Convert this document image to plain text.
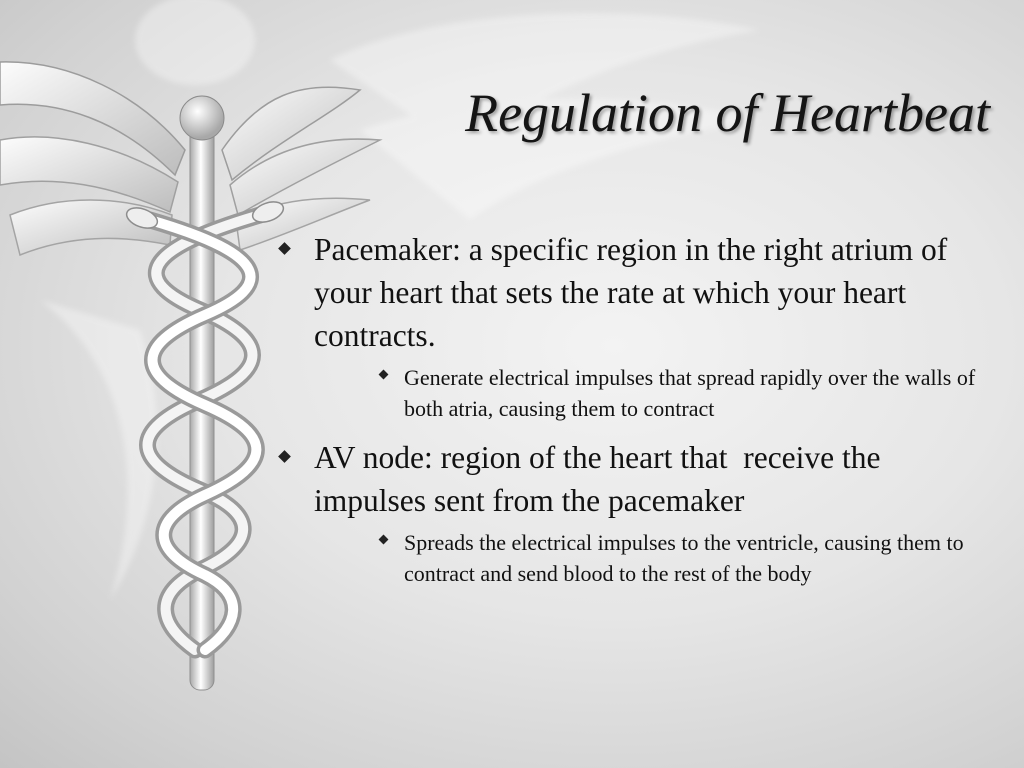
Regulation of Heartbeat
Pacemaker: a specific region in the right atrium of your heart that sets the rate at which your heart contracts.
Generate electrical impulses that spread rapidly over the walls of both atria, causing them to contract
AV node: region of the heart that  receive the impulses sent from the pacemaker
Spreads the electrical impulses to the ventricle, causing them to contract and send blood to the rest of the body
